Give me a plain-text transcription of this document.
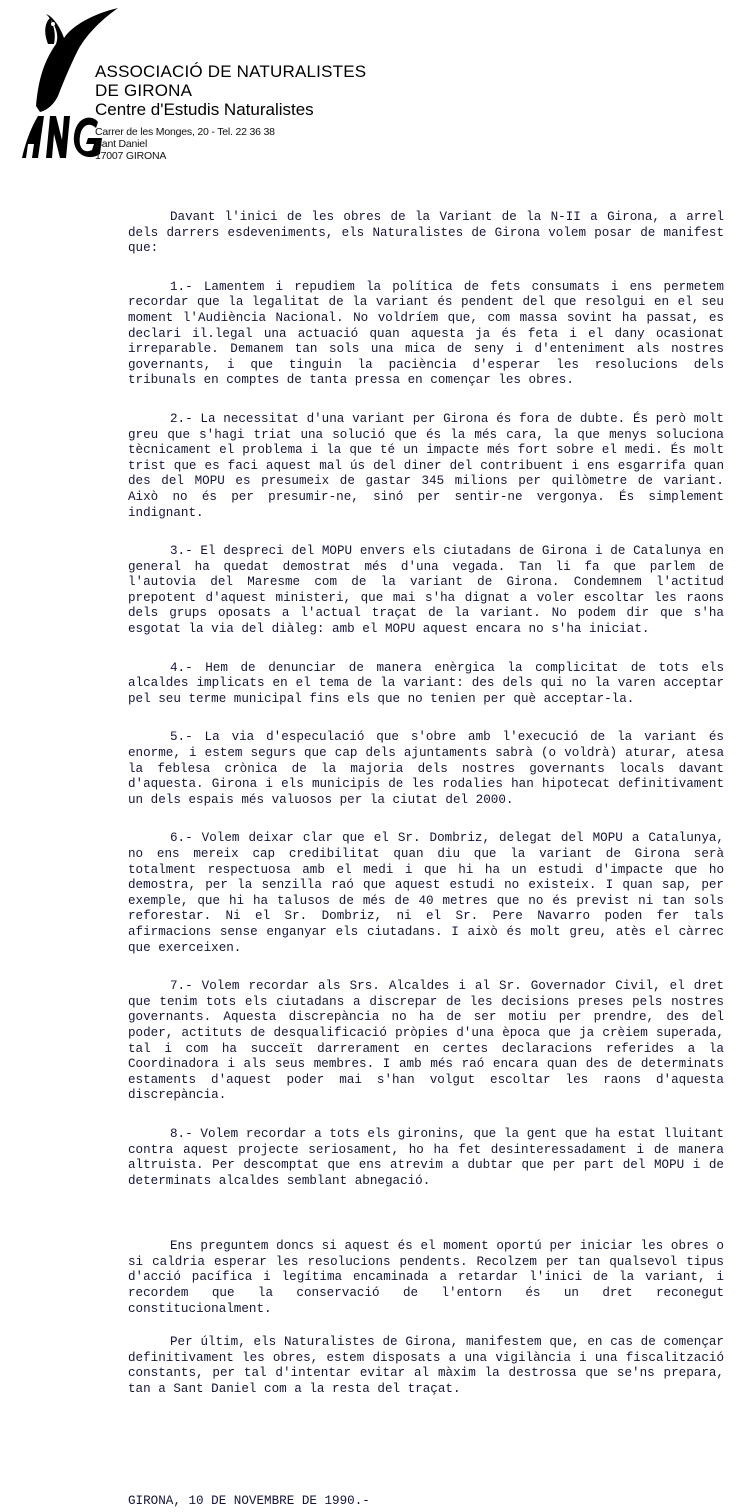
ASSOCIACIÓ DE NATURALISTES
DE GIRONA
Centre d'Estudis Naturalistes
Carrer de les Monges, 20 - Tel. 22 36 38
Sant Daniel
17007 GIRONA

Davant l'inici de les obres de la Variant de la N-II a Girona, a arrel dels darrers esdeveniments, els Naturalistes de Girona volem posar de manifest que:

1.- Lamentem i repudiem la política de fets consumats i ens permetem recordar que la legalitat de la variant és pendent del que resolgui en el seu moment l'Audiència Nacional. No voldríem que, com massa sovint ha passat, es declari il.legal una actuació quan aquesta ja és feta i el dany ocasionat irreparable. Demanem tan sols una mica de seny i d'enteniment als nostres governants, i que tinguin la paciència d'esperar les resolucions dels tribunals en comptes de tanta pressa en començar les obres.

2.- La necessitat d'una variant per Girona és fora de dubte. És però molt greu que s'hagi triat una solució que és la més cara, la que menys soluciona tècnicament el problema i la que té un impacte més fort sobre el medi. És molt trist que es faci aquest mal ús del diner del contribuent i ens esgarrifa quan des del MOPU es presumeix de gastar 345 milions per quilòmetre de variant. Això no és per presumir-ne, sinó per sentir-ne vergonya. És simplement indignant.

3.- El despreci del MOPU envers els ciutadans de Girona i de Catalunya en general ha quedat demostrat més d'una vegada. Tan li fa que parlem de l'autovia del Maresme com de la variant de Girona. Condemnem l'actitud prepotent d'aquest ministeri, que mai s'ha dignat a voler escoltar les raons dels grups oposats a l'actual traçat de la variant. No podem dir que s'ha esgotat la via del diàleg: amb el MOPU aquest encara no s'ha iniciat.

4.- Hem de denunciar de manera enèrgica la complicitat de tots els alcaldes implicats en el tema de la variant: des dels qui no la varen acceptar pel seu terme municipal fins els que no tenien per què acceptar-la.

5.- La via d'especulació que s'obre amb l'execució de la variant és enorme, i estem segurs que cap dels ajuntaments sabrà (o voldrà) aturar, atesa la feblesa crònica de la majoria dels nostres governants locals davant d'aquesta. Girona i els municipis de les rodalies han hipotecat definitivament un dels espais més valuosos per la ciutat del 2000.

6.- Volem deixar clar que el Sr. Dombriz, delegat del MOPU a Catalunya, no ens mereix cap credibilitat quan diu que la variant de Girona serà totalment respectuosa amb el medi i que hi ha un estudi d'impacte que ho demostra, per la senzilla raó que aquest estudi no existeix. I quan sap, per exemple, que hi ha talusos de més de 40 metres que no és previst ni tan sols reforestar. Ni el Sr. Dombriz, ni el Sr. Pere Navarro poden fer tals afirmacions sense enganyar els ciutadans. I això és molt greu, atès el càrrec que exerceixen.

7.- Volem recordar als Srs. Alcaldes i al Sr. Governador Civil, el dret que tenim tots els ciutadans a discrepar de les decisions preses pels nostres governants. Aquesta discrepància no ha de ser motiu per prendre, des del poder, actituts de desqualificació pròpies d'una època que ja crèiem superada, tal i com ha succeït darrerament en certes declaracions referides a la Coordinadora i als seus membres. I amb més raó encara quan des de determinats estaments d'aquest poder mai s'han volgut escoltar les raons d'aquesta discrepància.

8.- Volem recordar a tots els gironins, que la gent que ha estat lluitant contra aquest projecte seriosament, ho ha fet desinteressadament i de manera altruista. Per descomptat que ens atrevim a dubtar que per part del MOPU i de determinats alcaldes semblant abnegació.

Ens preguntem doncs si aquest és el moment oportú per iniciar les obres o si caldria esperar les resolucions pendents. Recolzem per tan qualsevol tipus d'acció pacífica i legítima encaminada a retardar l'inici de la variant, i recordem que la conservació de l'entorn és un dret reconegut constitucionalment.

Per últim, els Naturalistes de Girona, manifestem que, en cas de començar definitivament les obres, estem disposats a una vigilància i una fiscalització constants, per tal d'intentar evitar al màxim la destrossa que se'ns prepara, tan a Sant Daniel com a la resta del traçat.

GIRONA, 10 DE NOVEMBRE DE 1990.-
